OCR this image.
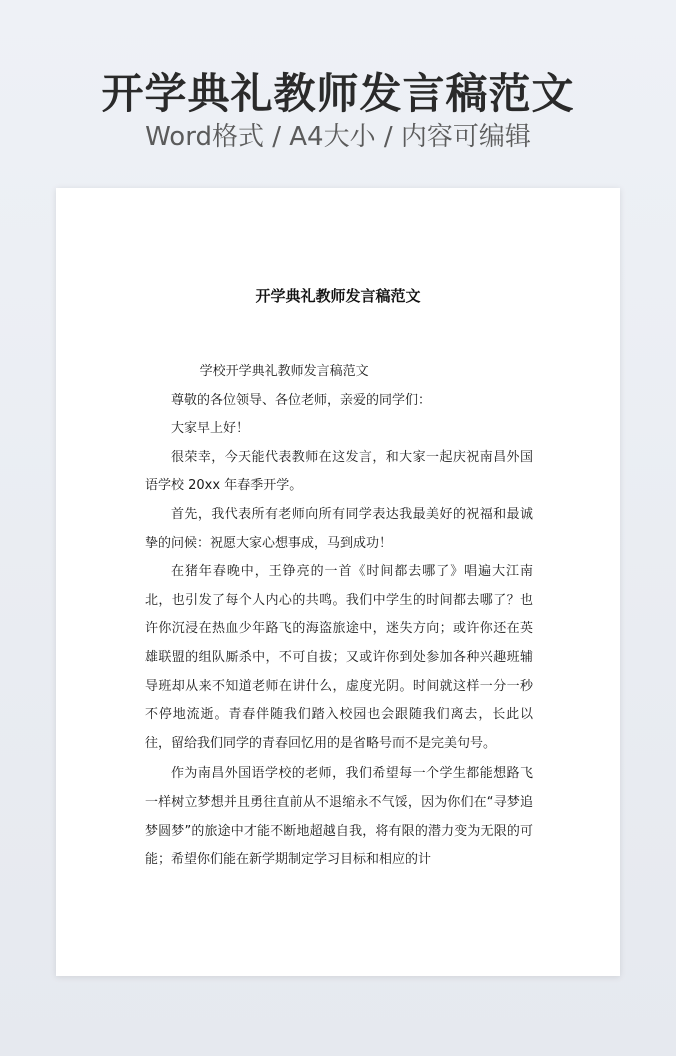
开学典礼教师发言稿范文
Word格式 / A4大小 / 内容可编辑
开学典礼教师发言稿范文

学校开学典礼教师发言稿范文

尊敬的各位领导、各位老师，亲爱的同学们：

大家早上好！

很荣幸，今天能代表教师在这发言，和大家一起庆祝南昌外国语学校 20xx 年春季开学。

首先，我代表所有老师向所有同学表达我最美好的祝福和最诚挚的问候：祝愿大家心想事成，马到成功！

在猪年春晚中，王铮亮的一首《时间都去哪了》唱遍大江南北，也引发了每个人内心的共鸣。我们中学生的时间都去哪了？也许你沉浸在热血少年路飞的海盗旅途中，迷失方向；或许你还在英雄联盟的组队厮杀中，不可自拔；又或许你到处参加各种兴趣班辅导班却从来不知道老师在讲什么，虚度光阴。时间就这样一分一秒不停地流逝。青春伴随我们踏入校园也会跟随我们离去，长此以往，留给我们同学的青春回忆用的是省略号而不是完美句号。

作为南昌外国语学校的老师，我们希望每一个学生都能想路飞一样树立梦想并且勇往直前从不退缩永不气馁，因为你们在“寻梦追梦圆梦”的旅途中才能不断地超越自我，将有限的潜力变为无限的可能；希望你们能在新学期制定学习目标和相应的计
